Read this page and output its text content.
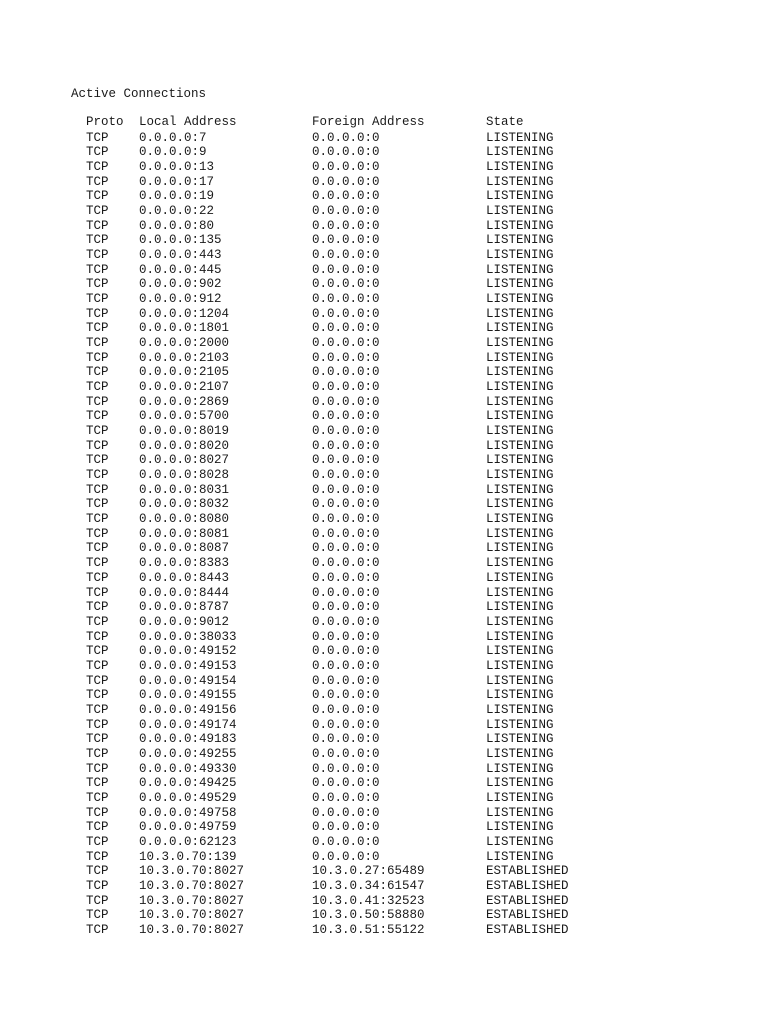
Active Connections
Proto	Local Address	Foreign Address	State
TCP	0.0.0.0:7	0.0.0.0:0	LISTENING
TCP	0.0.0.0:9	0.0.0.0:0	LISTENING
TCP	0.0.0.0:13	0.0.0.0:0	LISTENING
TCP	0.0.0.0:17	0.0.0.0:0	LISTENING
TCP	0.0.0.0:19	0.0.0.0:0	LISTENING
TCP	0.0.0.0:22	0.0.0.0:0	LISTENING
TCP	0.0.0.0:80	0.0.0.0:0	LISTENING
TCP	0.0.0.0:135	0.0.0.0:0	LISTENING
TCP	0.0.0.0:443	0.0.0.0:0	LISTENING
TCP	0.0.0.0:445	0.0.0.0:0	LISTENING
TCP	0.0.0.0:902	0.0.0.0:0	LISTENING
TCP	0.0.0.0:912	0.0.0.0:0	LISTENING
TCP	0.0.0.0:1204	0.0.0.0:0	LISTENING
TCP	0.0.0.0:1801	0.0.0.0:0	LISTENING
TCP	0.0.0.0:2000	0.0.0.0:0	LISTENING
TCP	0.0.0.0:2103	0.0.0.0:0	LISTENING
TCP	0.0.0.0:2105	0.0.0.0:0	LISTENING
TCP	0.0.0.0:2107	0.0.0.0:0	LISTENING
TCP	0.0.0.0:2869	0.0.0.0:0	LISTENING
TCP	0.0.0.0:5700	0.0.0.0:0	LISTENING
TCP	0.0.0.0:8019	0.0.0.0:0	LISTENING
TCP	0.0.0.0:8020	0.0.0.0:0	LISTENING
TCP	0.0.0.0:8027	0.0.0.0:0	LISTENING
TCP	0.0.0.0:8028	0.0.0.0:0	LISTENING
TCP	0.0.0.0:8031	0.0.0.0:0	LISTENING
TCP	0.0.0.0:8032	0.0.0.0:0	LISTENING
TCP	0.0.0.0:8080	0.0.0.0:0	LISTENING
TCP	0.0.0.0:8081	0.0.0.0:0	LISTENING
TCP	0.0.0.0:8087	0.0.0.0:0	LISTENING
TCP	0.0.0.0:8383	0.0.0.0:0	LISTENING
TCP	0.0.0.0:8443	0.0.0.0:0	LISTENING
TCP	0.0.0.0:8444	0.0.0.0:0	LISTENING
TCP	0.0.0.0:8787	0.0.0.0:0	LISTENING
TCP	0.0.0.0:9012	0.0.0.0:0	LISTENING
TCP	0.0.0.0:38033	0.0.0.0:0	LISTENING
TCP	0.0.0.0:49152	0.0.0.0:0	LISTENING
TCP	0.0.0.0:49153	0.0.0.0:0	LISTENING
TCP	0.0.0.0:49154	0.0.0.0:0	LISTENING
TCP	0.0.0.0:49155	0.0.0.0:0	LISTENING
TCP	0.0.0.0:49156	0.0.0.0:0	LISTENING
TCP	0.0.0.0:49174	0.0.0.0:0	LISTENING
TCP	0.0.0.0:49183	0.0.0.0:0	LISTENING
TCP	0.0.0.0:49255	0.0.0.0:0	LISTENING
TCP	0.0.0.0:49330	0.0.0.0:0	LISTENING
TCP	0.0.0.0:49425	0.0.0.0:0	LISTENING
TCP	0.0.0.0:49529	0.0.0.0:0	LISTENING
TCP	0.0.0.0:49758	0.0.0.0:0	LISTENING
TCP	0.0.0.0:49759	0.0.0.0:0	LISTENING
TCP	0.0.0.0:62123	0.0.0.0:0	LISTENING
TCP	10.3.0.70:139	0.0.0.0:0	LISTENING
TCP	10.3.0.70:8027	10.3.0.27:65489	ESTABLISHED
TCP	10.3.0.70:8027	10.3.0.34:61547	ESTABLISHED
TCP	10.3.0.70:8027	10.3.0.41:32523	ESTABLISHED
TCP	10.3.0.70:8027	10.3.0.50:58880	ESTABLISHED
TCP	10.3.0.70:8027	10.3.0.51:55122	ESTABLISHED
